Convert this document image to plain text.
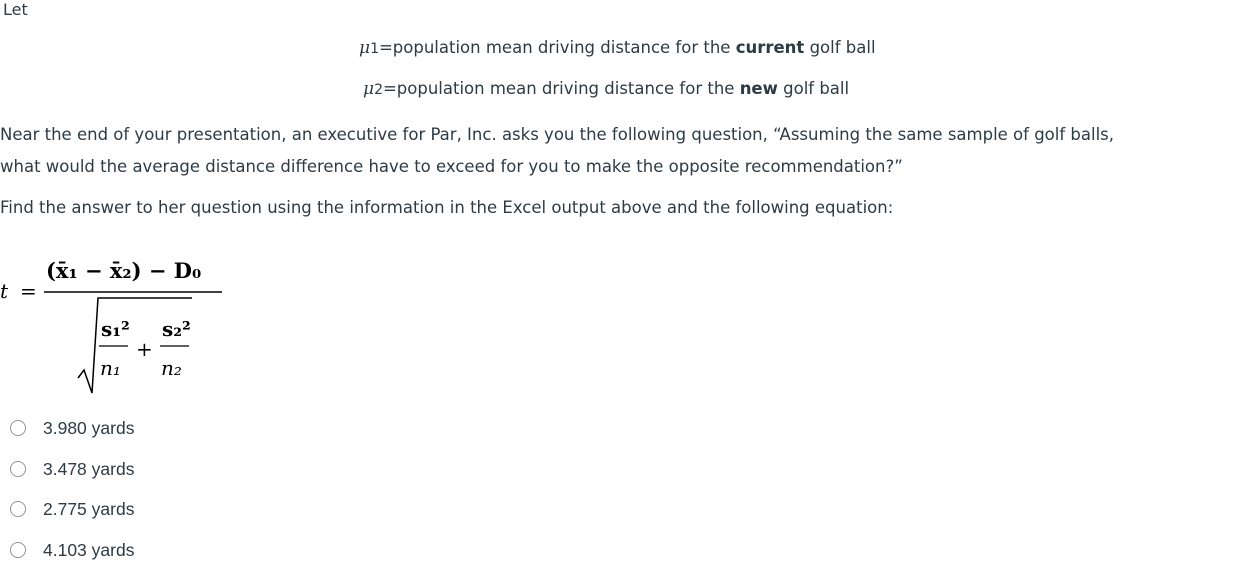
Let
μ1=population mean driving distance for the current golf ball
μ2=population mean driving distance for the new golf ball
Near the end of your presentation, an executive for Par, Inc. asks you the following question, “Assuming the same sample of golf balls,
what would the average distance difference have to exceed for you to make the opposite recommendation?”
Find the answer to her question using the information in the Excel output above and the following equation:
t =
(x̄₁ − x̄₂) − D₀
s₁²
n₁
+
s₂²
n₂
3.980 yards
3.478 yards
2.775 yards
4.103 yards
